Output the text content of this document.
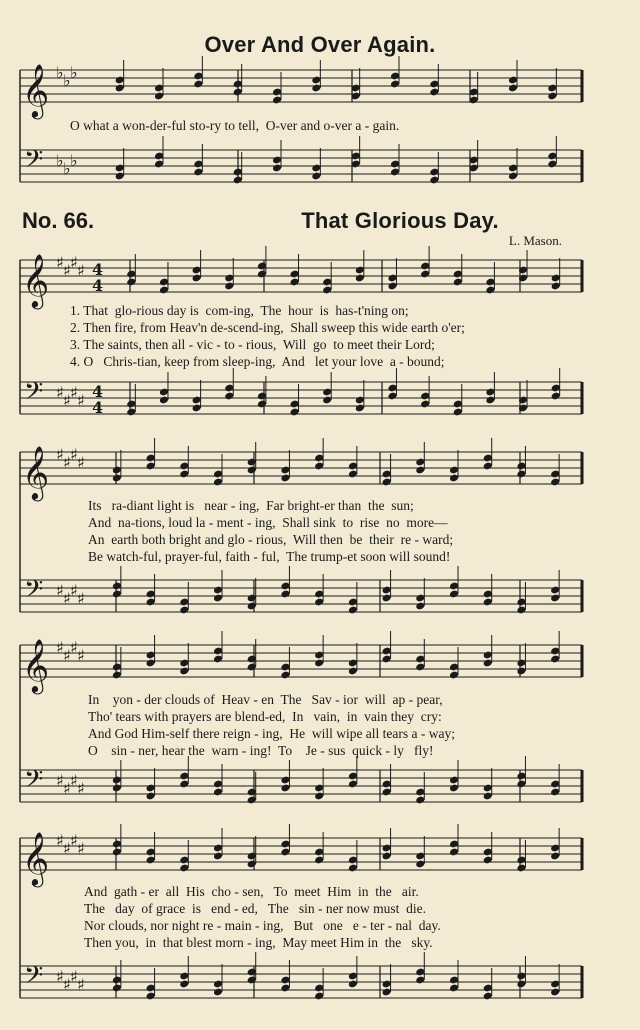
Over And Over Again.
𝄞
𝄢
♭ ♭ ♭
♭ ♭ ♭
𝄞
𝄢
♯ ♯ ♯ ♯
♯ ♯ ♯ ♯
4
4
4
4
𝄞
𝄢
♯ ♯ ♯ ♯
♯ ♯ ♯ ♯
𝄞
𝄢
♯ ♯ ♯ ♯
♯ ♯ ♯ ♯
𝄞
𝄢
♯ ♯ ♯ ♯
♯ ♯ ♯ ♯
O what a won-der-ful sto-ry to tell,  O-ver and o-ver a - gain.
No. 66.	That Glorious Day.
L. Mason.
1. That  glo-rious day is  com-ing,  The  hour  is  has-t'ning on;
2. Then fire, from Heav'n de-scend-ing,  Shall sweep this wide earth o'er;
3. The saints, then all - vic - to - rious,  Will  go  to meet their Lord;
4. O   Chris-tian, keep from sleep-ing,  And   let your love  a - bound;
Its   ra-diant light is   near - ing,  Far bright-er than  the  sun;
And  na-tions, loud la - ment - ing,  Shall sink  to  rise  no  more—
An  earth both bright and glo - rious,  Will then  be  their  re - ward;
Be watch-ful, prayer-ful, faith - ful,  The trump-et soon will sound!
In    yon - der clouds of  Heav - en  The   Sav - ior  will  ap - pear,
Tho' tears with prayers are blend-ed,  In   vain,  in  vain they  cry:
And God Him-self there reign - ing,  He  will wipe all tears a - way;
O    sin - ner, hear the  warn - ing!  To    Je - sus  quick - ly   fly!
And  gath - er  all  His  cho - sen,   To  meet  Him  in  the   air.
The   day  of grace  is   end - ed,   The   sin - ner now must  die.
Nor clouds, nor night re - main - ing,   But   one   e - ter - nal  day.
Then you,  in  that blest morn - ing,  May meet Him in  the   sky.
